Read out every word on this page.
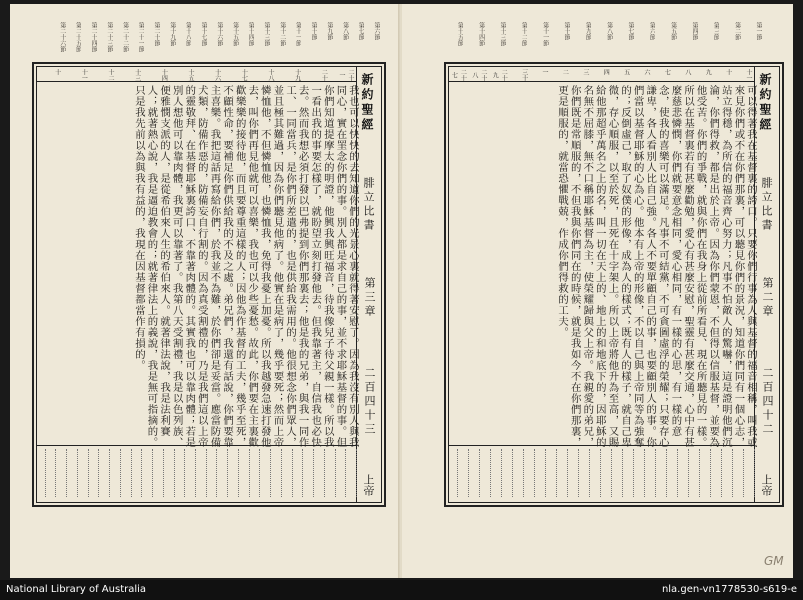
第六節
第七節
第八節
第九節
第十節
第十一節
第十二節
第十三節
第十四節
第十五節
第十六節
第十七節
第十八節
第十九節
第二十節
第二十一節
第二十二節
第二十三節
第二十四節
第二十五節
第二十六節
新約聖經
腓立比書
第三章
二百四十三
上帝
二十一
二十
十九
十八
十七
十六
十五
十四
十三
十二
十一
十
我也可以快快的去知道你們的光景心裏就得著安慰了。因為我沒有別人與我同心，實在罣念你們的事。別人都是求自己的事，並不求耶穌基督的事。但你們知道提摩太的明證，他興我興旺福音，待我像兒子待父親一樣。所以我一看出我的事要怎樣了，就盼望立刻打發他去。但我靠著主，自信我也必快去。然而我想必須打發以巴弗提到你們那裏去；他是我的兄弟，與我一同作工、一同當兵，是你們所差遣的，也是供給我需用的。他很想念你們眾人，並且極其難過，因為你們聽見他病了。他實在是病了，幾乎要死；然而上帝憐恤他，不但憐恤他，也憐恤我，免得我憂上加憂。所以我越發急速打發他去，叫你們再見他就可以喜樂，我也可以少些憂愁。故此，你們要在主裏歡歡樂樂的接待他，而且要尊重這樣的人；因他為作基督的工夫，幾乎至死，不顧性命，要補足你們供給我的不及之處。弟兄們，我還有話說，你們要靠主喜樂。我把這話再寫給你們，於我並不為難，於你們卻是妥當。應當防備犬類，防備作惡的，防備妄自行割的。因為真受割禮的，乃是我們這以上帝的靈敬拜、在基督耶穌裏誇口、不靠著肉體的。其實我也可以靠肉體；若是別人想他可以靠肉體，我更可以靠著了。我第八天受割禮，我是以色列族、便雅憫支派的人，是從希伯來人生的希伯來人。就著律法說，我是法利賽人；就著熱心說，我是逼迫教會的；就著律法上的義說，我是無可指摘的。只是我先前以為與我有益的，我現在因基督都當作有損的。
第一節
第二節
第三節
第四節
第五節
第六節
第七節
第八節
第九節
第十節
第十一節
第十二節
第十三節
第十四節
第十五節
新約聖經
腓立比書
第二章
二百四十二
上帝
十一
十
九
八
七
六
五
四
三
二
一
三十
二十九
二十八
二十七
可以得著我在基督裏的誇口。只要你們行事為人與基督的福音相稱，叫我或來見你們或不在你們那裏，可以聽見你們的景況，知道你們同有一個心志，站立得穩，為所信的福音齊心努力；凡事不怕敵人的驚嚇，這是證明他們沉淪，你們得救，都是出於上帝。因為你們蒙恩，不但得以信服基督，並要為他受苦。你們的爭戰，就與你們在我身上從前所看見、現在所聽見的一樣。所以在基督裏若有甚麼勸勉，愛心有甚麼安慰，聖靈有甚麼交通，心中有甚麼慈悲憐憫，你們就要意念相同，愛心相同，有一樣的心思，有一樣的意念，使我的喜樂可以滿足。凡事不可結黨，不可貪圖虛浮的榮耀；只要存心謙卑，各人看別人比自己強。各人不要單顧自己的事，也要顧別人的事。你們當以基督耶穌的心為心。他本有上帝的形像，不以自己與上帝同等為強奪的；反倒虛己，取了奴僕的形像，成為人的樣式；既有人的樣子，就自己卑微，存心順服，以至於死，且死在十字架上。所以上帝將他升為至高，又賜給他那超乎萬名之上的名，叫一切在天上的、地上的和地底下的，因耶穌的名無不屈膝，無不口稱耶穌基督為主，使榮耀歸與父上帝。我親愛的弟兄，你們既是常順服的，不但我與你們同在的時候，就是我如今不在你們那裏，更是順服的，就當恐懼戰兢，作成你們得救的工夫。
GM
National Library of Australia	nla.gen-vn1778530-s619-e
